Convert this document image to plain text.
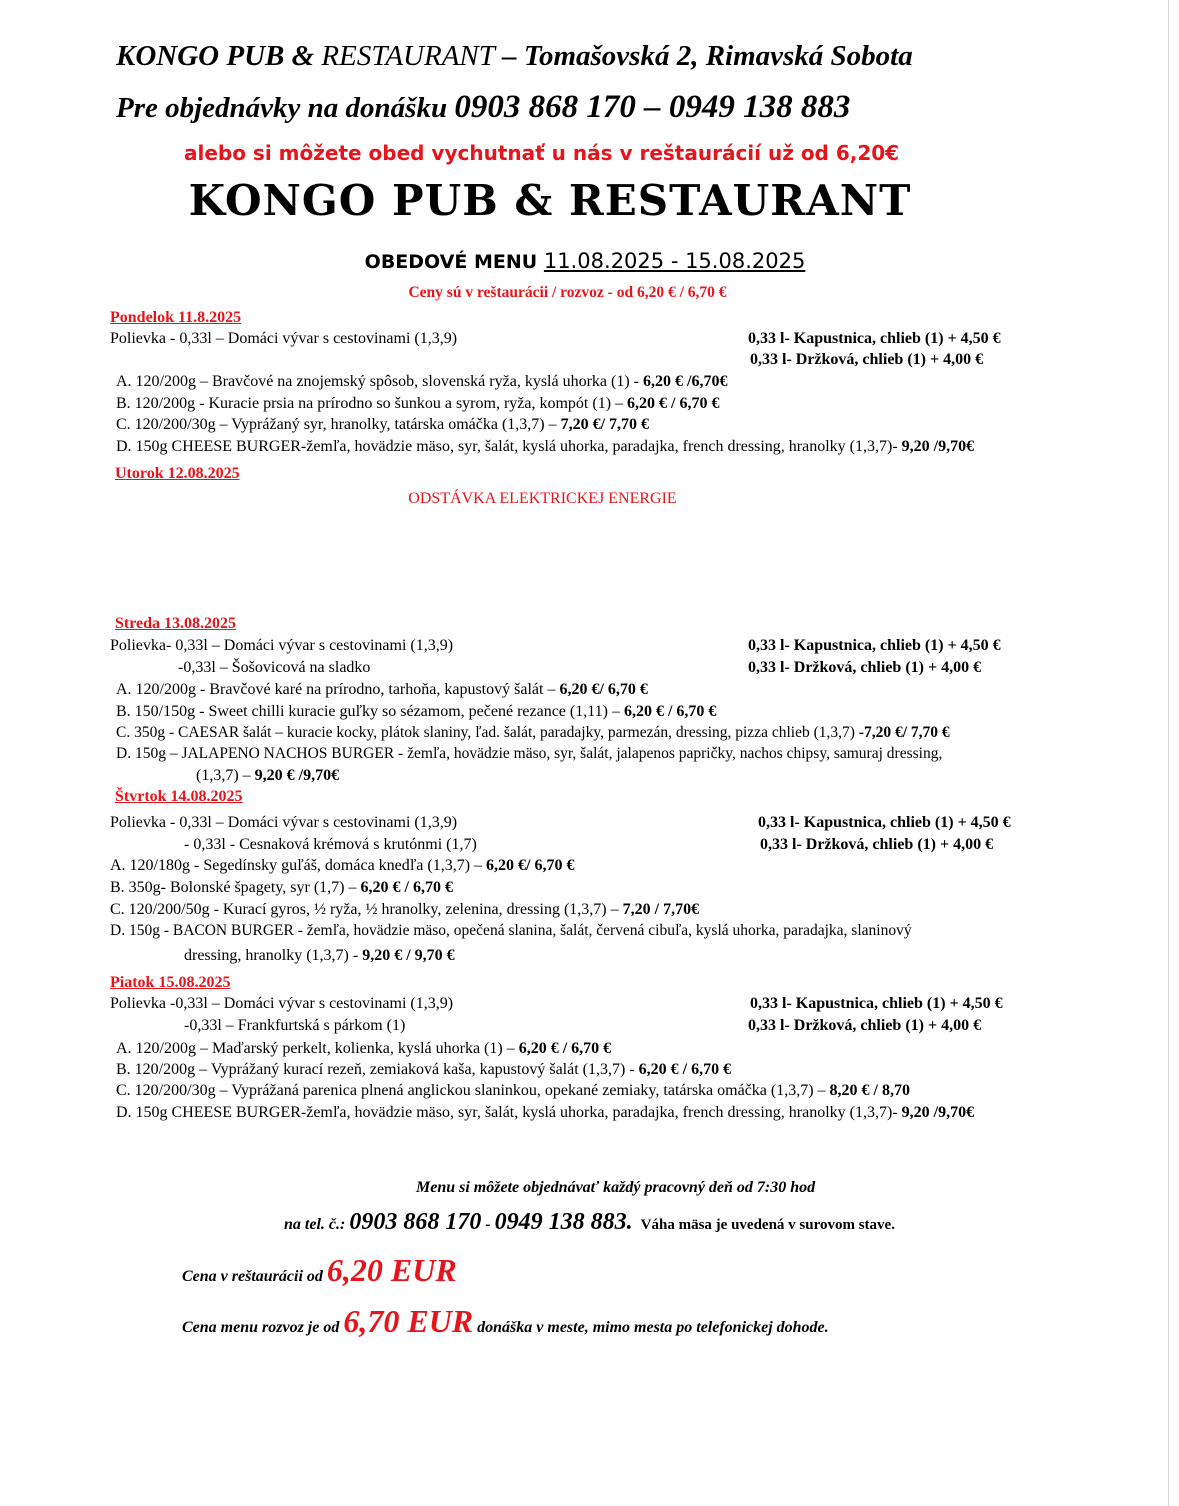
KONGO PUB & RESTAURANT – Tomašovská 2, Rimavská Sobota
Pre objednávky na donášku 0903 868 170 – 0949 138 883
alebo si môžete obed vychutnať u nás v reštaurácií už od 6,20€
KONGO PUB & RESTAURANT
OBEDOVÉ MENU 11.08.2025 - 15.08.2025
Ceny sú v reštaurácii / rozvoz - od 6,20 € / 6,70 €
Pondelok 11.8.2025
Polievka - 0,33l – Domáci vývar s cestovinami (1,3,9)	0,33 l- Kapustnica, chlieb (1) + 4,50 €
0,33 l- Držková, chlieb (1) + 4,00 €
A. 120/200g – Bravčové na znojemský spôsob, slovenská ryža, kyslá uhorka (1) - 6,20 € /6,70€
B. 120/200g - Kuracie prsia na prírodno so šunkou a syrom, ryža, kompót (1) – 6,20 € / 6,70 €
C. 120/200/30g – Vyprážaný syr, hranolky, tatárska omáčka (1,3,7) – 7,20 €/ 7,70 €
D. 150g CHEESE BURGER-žemľa, hovädzie mäso, syr, šalát, kyslá uhorka, paradajka, french dressing, hranolky (1,3,7)- 9,20 /9,70€
Utorok 12.08.2025
ODSTÁVKA ELEKTRICKEJ ENERGIE
Streda 13.08.2025
Polievka- 0,33l – Domáci vývar s cestovinami (1,3,9)
-0,33l – Šošovicová na sladko
0,33 l- Kapustnica, chlieb (1) + 4,50 €
0,33 l- Držková, chlieb (1) + 4,00 €
A. 120/200g - Bravčové karé na prírodno, tarhoňa, kapustový šalát – 6,20 €/ 6,70 €
B. 150/150g - Sweet chilli kuracie guľky so sézamom, pečené rezance (1,11) – 6,20 € / 6,70 €
C. 350g - CAESAR šalát – kuracie kocky, plátok slaniny, ľad. šalát, paradajky, parmezán, dressing, pizza chlieb (1,3,7) -7,20 €/ 7,70 €
D. 150g – JALAPENO NACHOS BURGER - žemľa, hovädzie mäso, syr, šalát, jalapenos papričky, nachos chipsy, samuraj dressing,
(1,3,7) – 9,20 € /9,70€
Štvrtok 14.08.2025
Polievka - 0,33l – Domáci vývar s cestovinami (1,3,9)
- 0,33l - Cesnaková krémová s krutónmi (1,7)
0,33 l- Kapustnica, chlieb (1) + 4,50 €
0,33 l- Držková, chlieb (1) + 4,00 €
A. 120/180g - Segedínsky guľáš, domáca knedľa (1,3,7) – 6,20 €/ 6,70 €
B. 350g- Bolonské špagety, syr (1,7) – 6,20 € / 6,70 €
C. 120/200/50g - Kurací gyros, ½ ryža, ½ hranolky, zelenina, dressing (1,3,7) – 7,20 / 7,70€
D. 150g - BACON BURGER - žemľa, hovädzie mäso, opečená slanina, šalát, červená cibuľa, kyslá uhorka, paradajka, slaninový
dressing, hranolky (1,3,7) - 9,20 € / 9,70 €
Piatok 15.08.2025
Polievka -0,33l – Domáci vývar s cestovinami (1,3,9)
-0,33l – Frankfurtská s párkom (1)
0,33 l- Kapustnica, chlieb (1) + 4,50 €
0,33 l- Držková, chlieb (1) + 4,00 €
A. 120/200g – Maďarský perkelt, kolienka, kyslá uhorka (1) – 6,20 € / 6,70 €
B. 120/200g – Vyprážaný kurací rezeň, zemiaková kaša, kapustový šalát (1,3,7) - 6,20 € / 6,70 €
C. 120/200/30g – Vyprážaná parenica plnená anglickou slaninkou, opekané zemiaky, tatárska omáčka (1,3,7) – 8,20 € / 8,70
D. 150g CHEESE BURGER-žemľa, hovädzie mäso, syr, šalát, kyslá uhorka, paradajka, french dressing, hranolky (1,3,7)- 9,20 /9,70€
Menu si môžete objednávať každý pracovný deň od 7:30 hod
na tel. č.: 0903 868 170 - 0949 138 883. Váha mäsa je uvedená v surovom stave.
Cena v reštaurácii od 6,20 EUR
Cena menu rozvoz je od 6,70 EUR donáška v meste, mimo mesta po telefonickej dohode.
